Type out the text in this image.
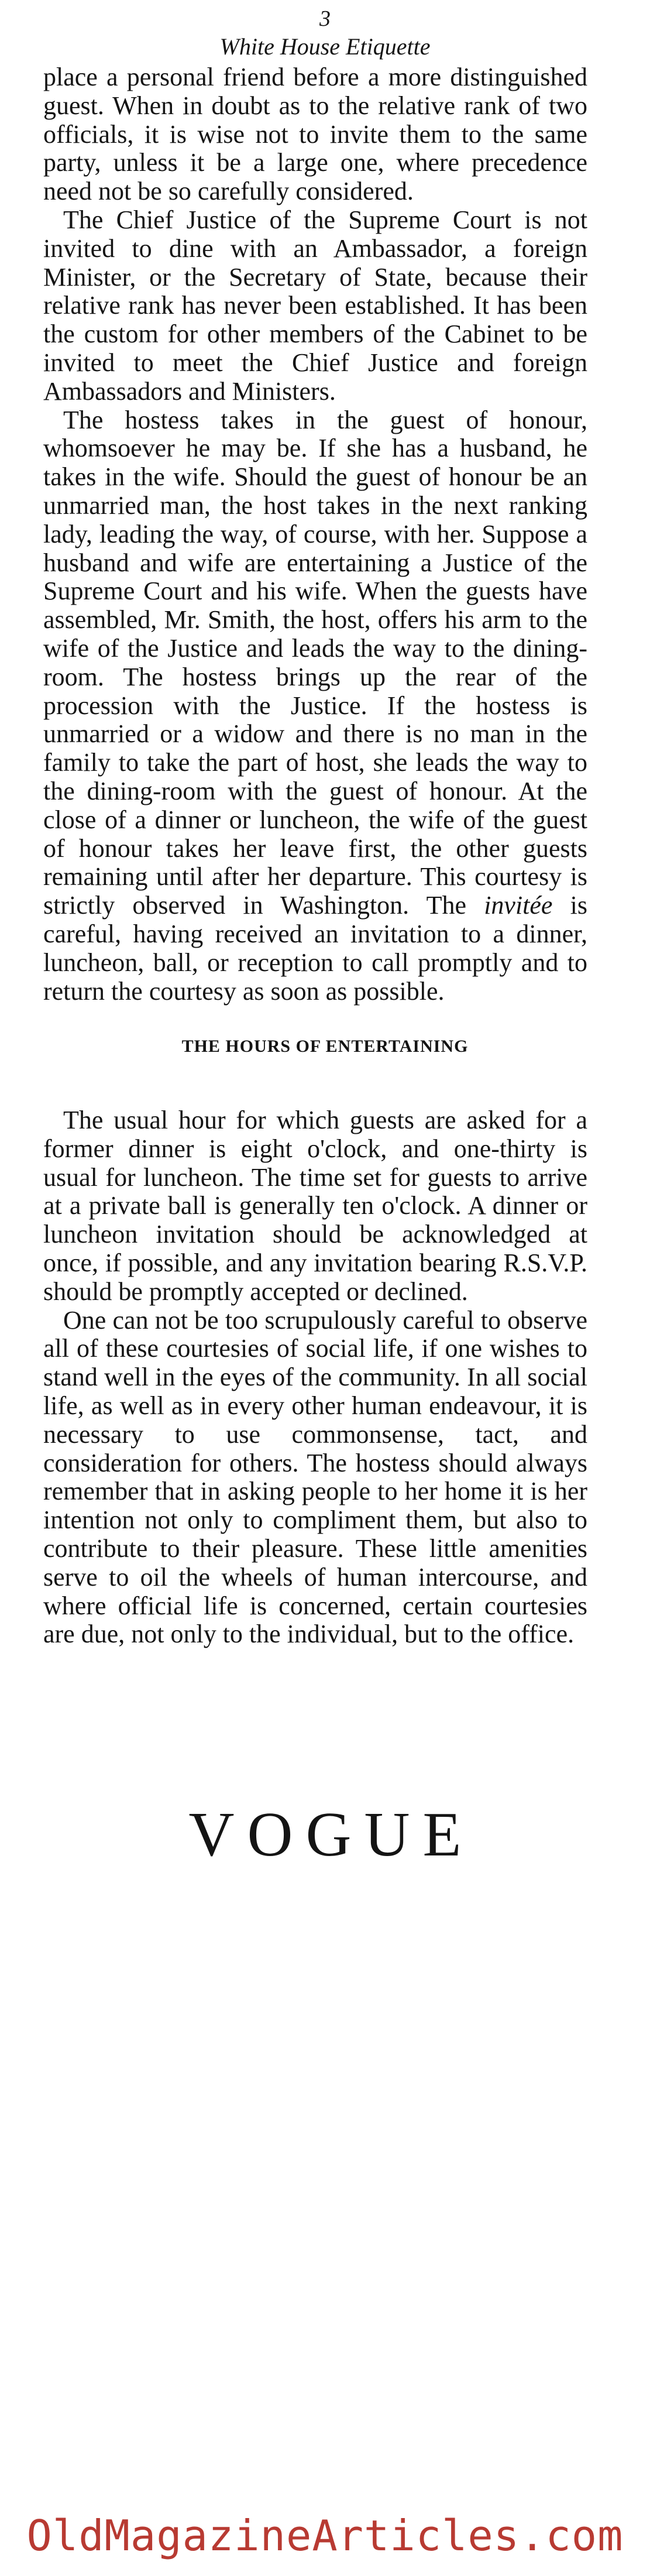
3
White House Etiquette

place a personal friend before a more distinguished guest. When in doubt as to the relative rank of two officials, it is wise not to invite them to the same party, unless it be a large one, where precedence need not be so carefully considered.

The Chief Justice of the Supreme Court is not invited to dine with an Ambassador, a foreign Minister, or the Secretary of State, because their relative rank has never been established. It has been the custom for other members of the Cabinet to be invited to meet the Chief Justice and foreign Ambassadors and Ministers.

The hostess takes in the guest of honour, whomsoever he may be. If she has a husband, he takes in the wife. Should the guest of honour be an unmarried man, the host takes in the next ranking lady, leading the way, of course, with her. Suppose a husband and wife are entertaining a Justice of the Supreme Court and his wife. When the guests have assembled, Mr. Smith, the host, offers his arm to the wife of the Justice and leads the way to the dining-room. The hostess brings up the rear of the procession with the Justice. If the hostess is unmarried or a widow and there is no man in the family to take the part of host, she leads the way to the dining-room with the guest of honour. At the close of a dinner or luncheon, the wife of the guest of honour takes her leave first, the other guests remaining until after her departure. This courtesy is strictly observed in Washington. The invitée is careful, having received an invitation to a dinner, luncheon, ball, or reception to call promptly and to return the courtesy as soon as possible.

THE HOURS OF ENTERTAINING

The usual hour for which guests are asked for a former dinner is eight o'clock, and one-thirty is usual for luncheon. The time set for guests to arrive at a private ball is generally ten o'clock. A dinner or luncheon invitation should be acknowledged at once, if possible, and any invitation bearing R.S.V.P. should be promptly accepted or declined.

One can not be too scrupulously careful to observe all of these courtesies of social life, if one wishes to stand well in the eyes of the community. In all social life, as well as in every other human endeavour, it is necessary to use commonsense, tact, and consideration for others. The hostess should always remember that in asking people to her home it is her intention not only to compliment them, but also to contribute to their pleasure. These little amenities serve to oil the wheels of human intercourse, and where official life is concerned, certain courtesies are due, not only to the individual, but to the office.

VOGUE
OldMagazineArticles.com
